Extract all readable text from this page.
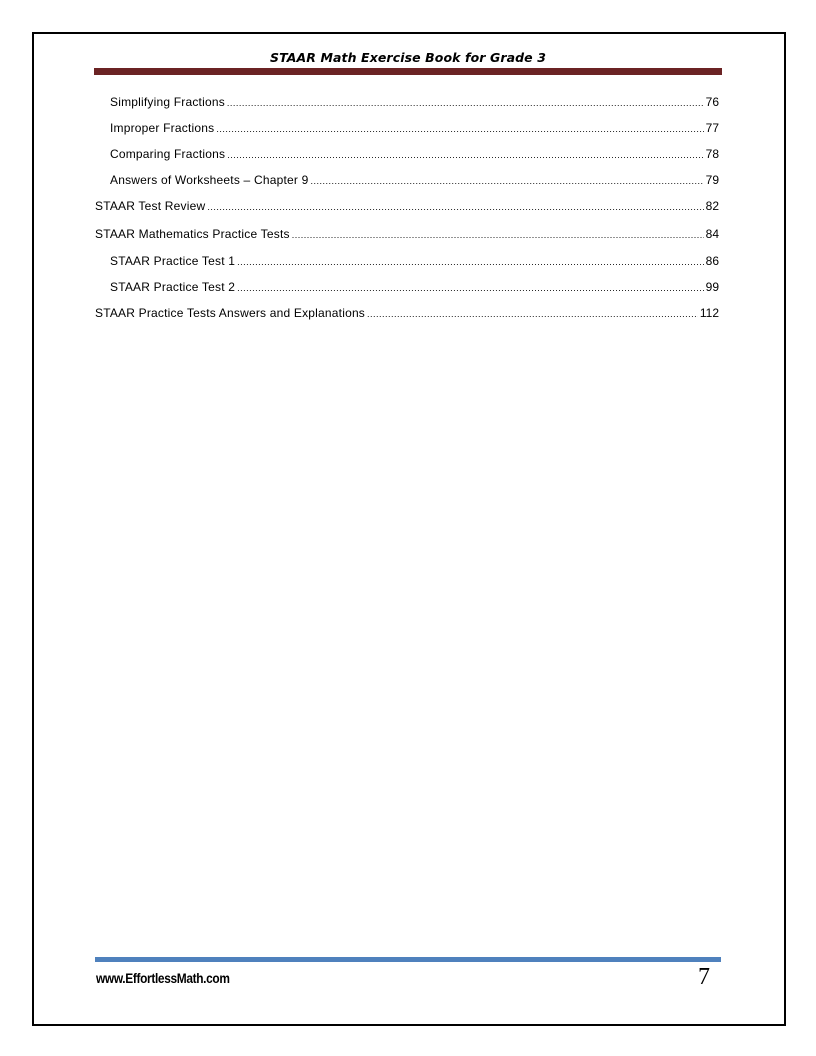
STAAR Math Exercise Book for Grade 3
Simplifying Fractions .....	76
Improper Fractions .....	77
Comparing Fractions .....	78
Answers of Worksheets – Chapter 9 .....	79
STAAR Test Review .....	82
STAAR Mathematics Practice Tests .....	84
STAAR Practice Test 1 .....	86
STAAR Practice Test 2 .....	99
STAAR Practice Tests Answers and Explanations .....	112
www.EffortlessMath.com	7
